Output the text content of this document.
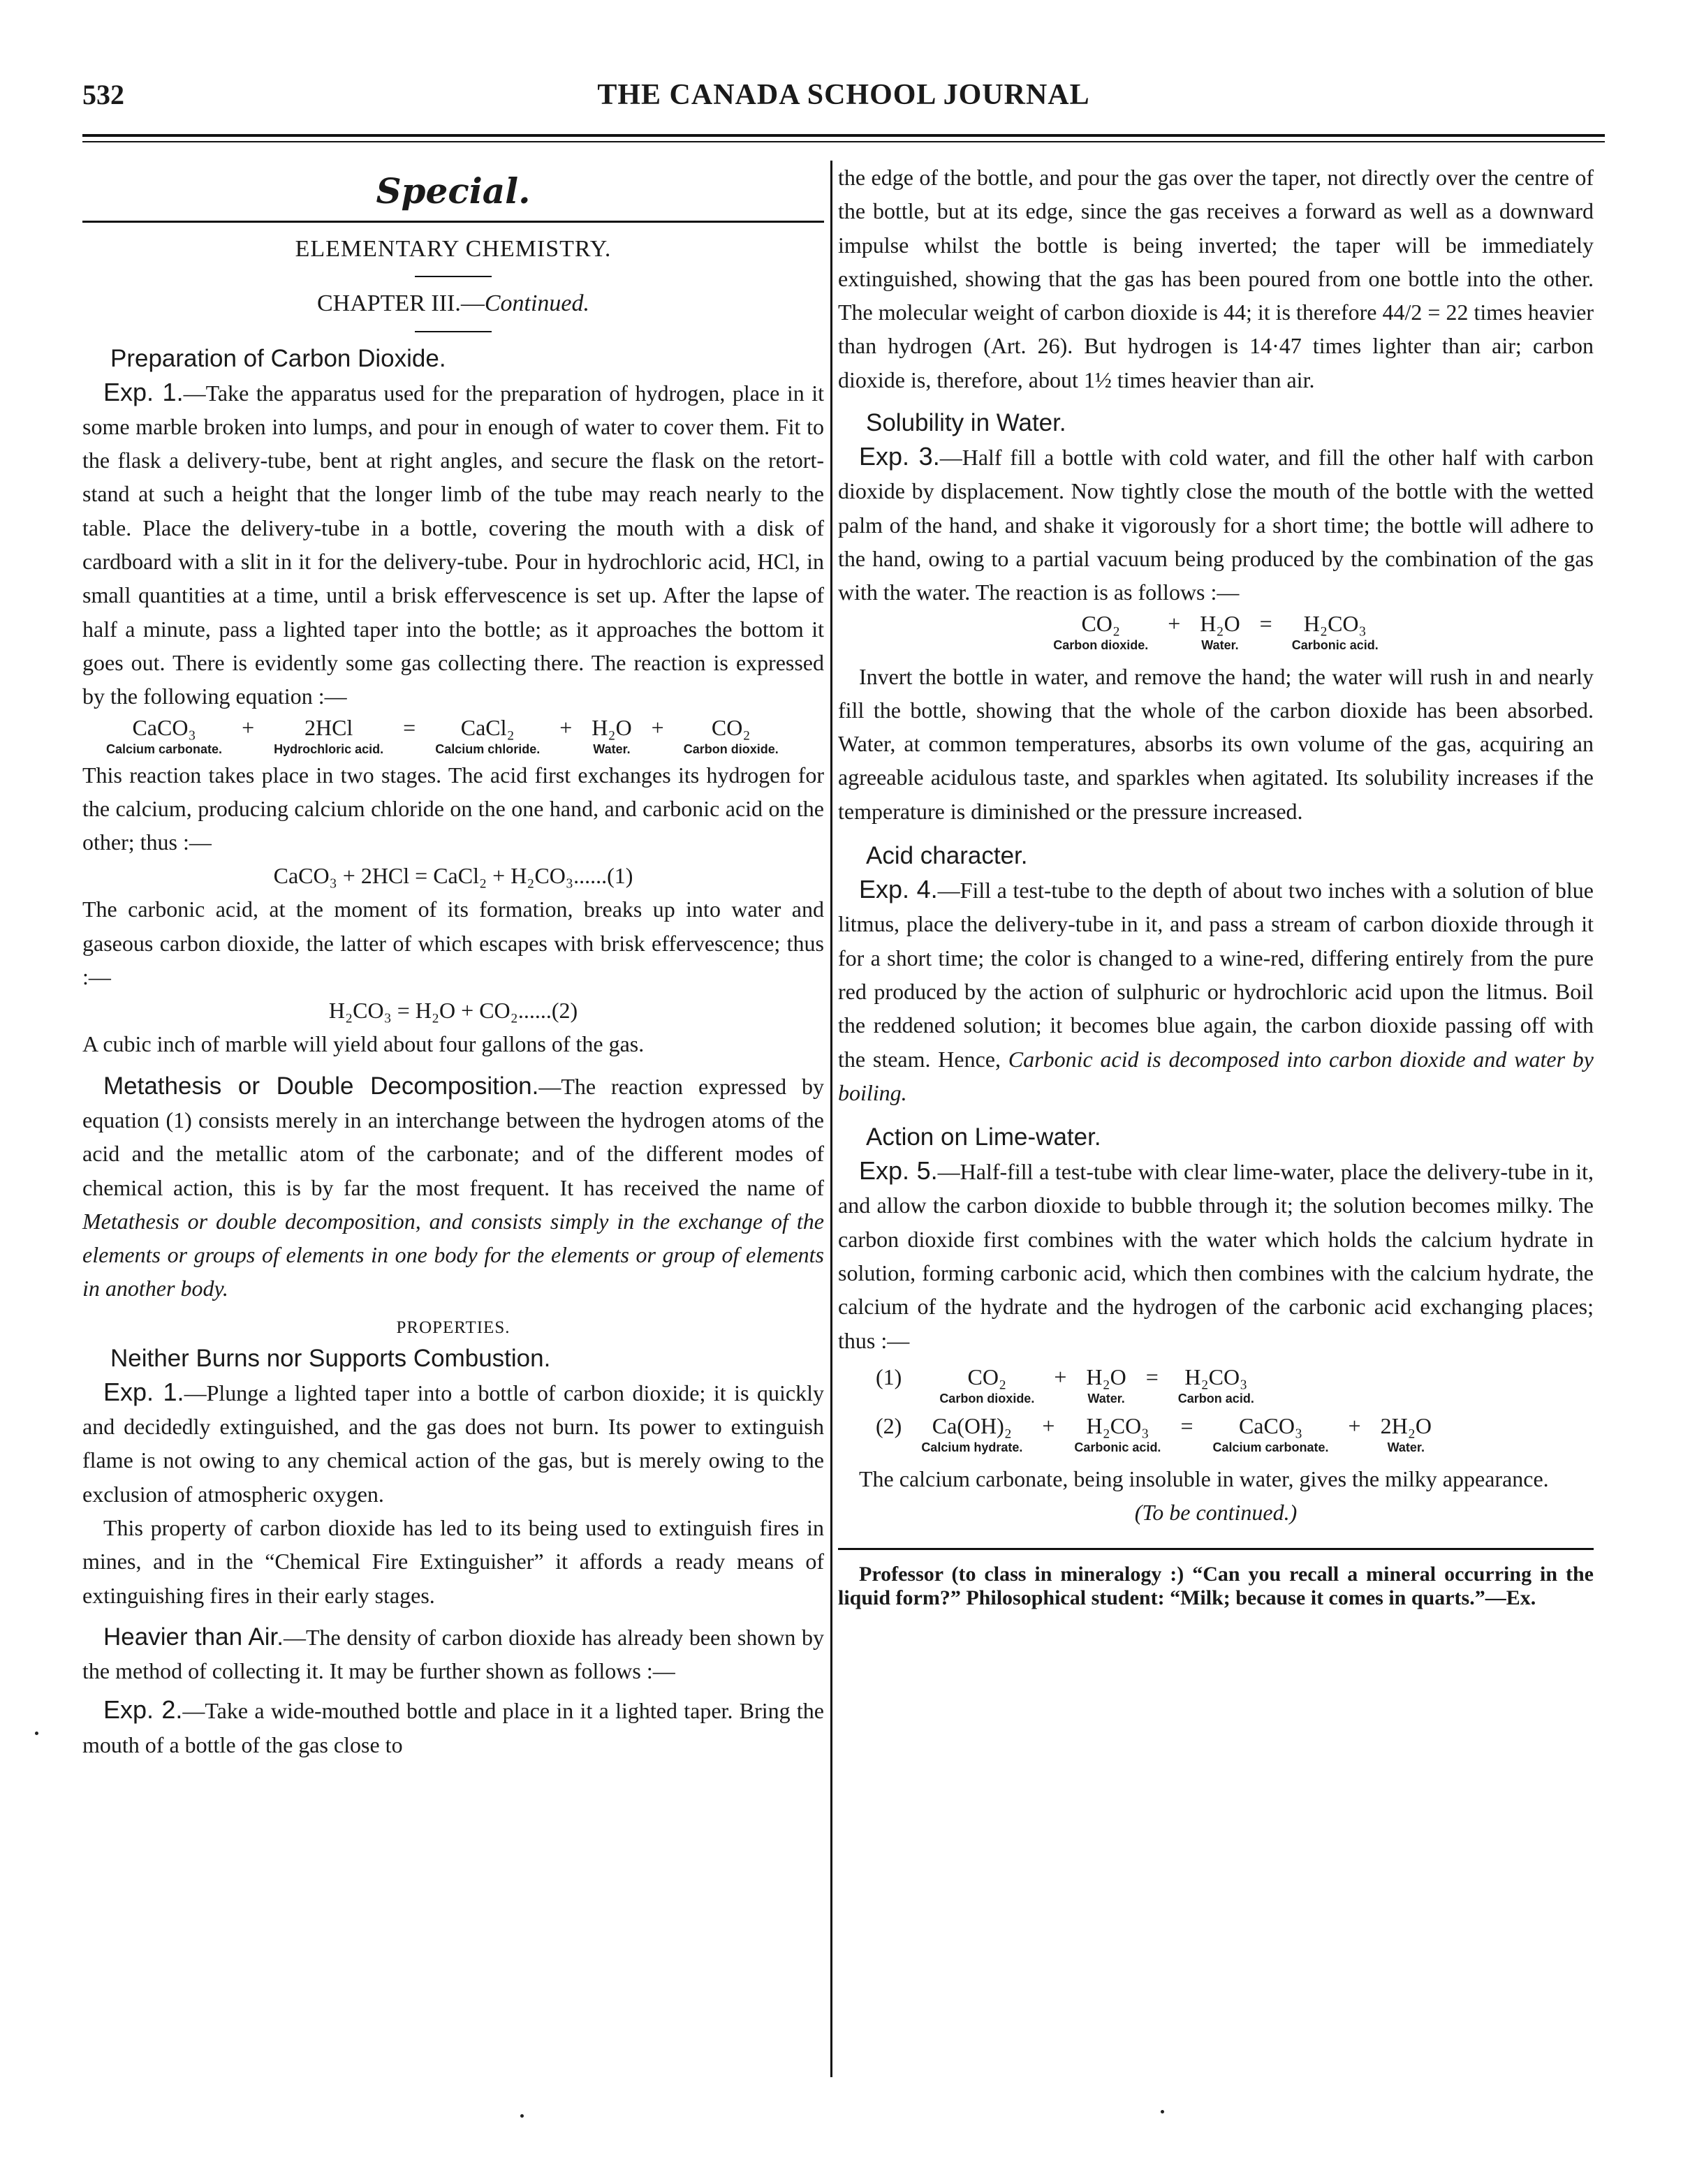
532	THE CANADA SCHOOL JOURNAL
Special.

ELEMENTARY CHEMISTRY.

CHAPTER III.—Continued.

Preparation of Carbon Dioxide.

Exp. 1.—Take the apparatus used for the preparation of hydrogen, place in it some marble broken into lumps, and pour in enough of water to cover them. Fit to the flask a delivery-tube, bent at right angles, and secure the flask on the retort-stand at such a height that the longer limb of the tube may reach nearly to the table. Place the delivery-tube in a bottle, covering the mouth with a disk of cardboard with a slit in it for the delivery-tube. Pour in hydrochloric acid, HCl, in small quantities at a time, until a brisk effervescence is set up. After the lapse of half a minute, pass a lighted taper into the bottle; as it approaches the bottom it goes out. There is evidently some gas collecting there. The reaction is expressed by the following equation :—

CaCO₃	+	2HCl	=	CaCl₂	+	H₂O	+	CO₂
Calcium carbonate.		Hydrochloric acid.		Calcium chloride.		Water.		Carbon dioxide.

This reaction takes place in two stages. The acid first exchanges its hydrogen for the calcium, producing calcium chloride on the one hand, and carbonic acid on the other; thus :—

CaCO₃ + 2HCl = CaCl₂ + H₂CO₃......(1)

The carbonic acid, at the moment of its formation, breaks up into water and gaseous carbon dioxide, the latter of which escapes with brisk effervescence; thus :—

H₂CO₃ = H₂O + CO₂......(2)

A cubic inch of marble will yield about four gallons of the gas.

Metathesis or Double Decomposition.—The reaction expressed by equation (1) consists merely in an interchange between the hydrogen atoms of the acid and the metallic atom of the carbonate; and of the different modes of chemical action, this is by far the most frequent. It has received the name of Metathesis or double decomposition, and consists simply in the exchange of the elements or groups of elements in one body for the elements or group of elements in another body.

PROPERTIES.
Neither Burns nor Supports Combustion.

Exp. 1.—Plunge a lighted taper into a bottle of carbon dioxide; it is quickly and decidedly extinguished, and the gas does not burn. Its power to extinguish flame is not owing to any chemical action of the gas, but is merely owing to the exclusion of atmospheric oxygen.

This property of carbon dioxide has led to its being used to extinguish fires in mines, and in the “Chemical Fire Extinguisher” it affords a ready means of extinguishing fires in their early stages.

Heavier than Air.—The density of carbon dioxide has already been shown by the method of collecting it. It may be further shown as follows :—

Exp. 2.—Take a wide-mouthed bottle and place in it a lighted taper. Bring the mouth of a bottle of the gas close to

the edge of the bottle, and pour the gas over the taper, not directly over the centre of the bottle, but at its edge, since the gas receives a forward as well as a downward impulse whilst the bottle is being inverted; the taper will be immediately extinguished, showing that the gas has been poured from one bottle into the other. The molecular weight of carbon dioxide is 44; it is therefore 44/2 = 22 times heavier than hydrogen (Art. 26). But hydrogen is 14·47 times lighter than air; carbon dioxide is, therefore, about 1½ times heavier than air.

Solubility in Water.

Exp. 3.—Half fill a bottle with cold water, and fill the other half with carbon dioxide by displacement. Now tightly close the mouth of the bottle with the wetted palm of the hand, and shake it vigorously for a short time; the bottle will adhere to the hand, owing to a partial vacuum being produced by the combination of the gas with the water. The reaction is as follows :—

CO₂	+	H₂O	=	H₂CO₃
Carbon dioxide.		Water.		Carbonic acid.

Invert the bottle in water, and remove the hand; the water will rush in and nearly fill the bottle, showing that the whole of the carbon dioxide has been absorbed. Water, at common temperatures, absorbs its own volume of the gas, acquiring an agreeable acidulous taste, and sparkles when agitated. Its solubility increases if the temperature is diminished or the pressure increased.

Acid character.

Exp. 4.—Fill a test-tube to the depth of about two inches with a solution of blue litmus, place the delivery-tube in it, and pass a stream of carbon dioxide through it for a short time; the color is changed to a wine-red, differing entirely from the pure red produced by the action of sulphuric or hydrochloric acid upon the litmus. Boil the reddened solution; it becomes blue again, the carbon dioxide passing off with the steam. Hence, Carbonic acid is decomposed into carbon dioxide and water by boiling.

Action on Lime-water.

Exp. 5.—Half-fill a test-tube with clear lime-water, place the delivery-tube in it, and allow the carbon dioxide to bubble through it; the solution becomes milky. The carbon dioxide first combines with the water which holds the calcium hydrate in solution, forming carbonic acid, which then combines with the calcium hydrate, the calcium of the hydrate and the hydrogen of the carbonic acid exchanging places; thus :—

(1)	CO₂	+	H₂O	=	H₂CO₃
	Carbon dioxide.		Water.		Carbon acid.
(2)	Ca(OH)₂	+	H₂CO₃	=	CaCO₃	+	2H₂O
	Calcium hydrate.		Carbonic acid.		Calcium carbonate.		Water.

The calcium carbonate, being insoluble in water, gives the milky appearance.

(To be continued.)

Professor (to class in mineralogy :) “Can you recall a mineral occurring in the liquid form?” Philosophical student: “Milk; because it comes in quarts.”—Ex.
